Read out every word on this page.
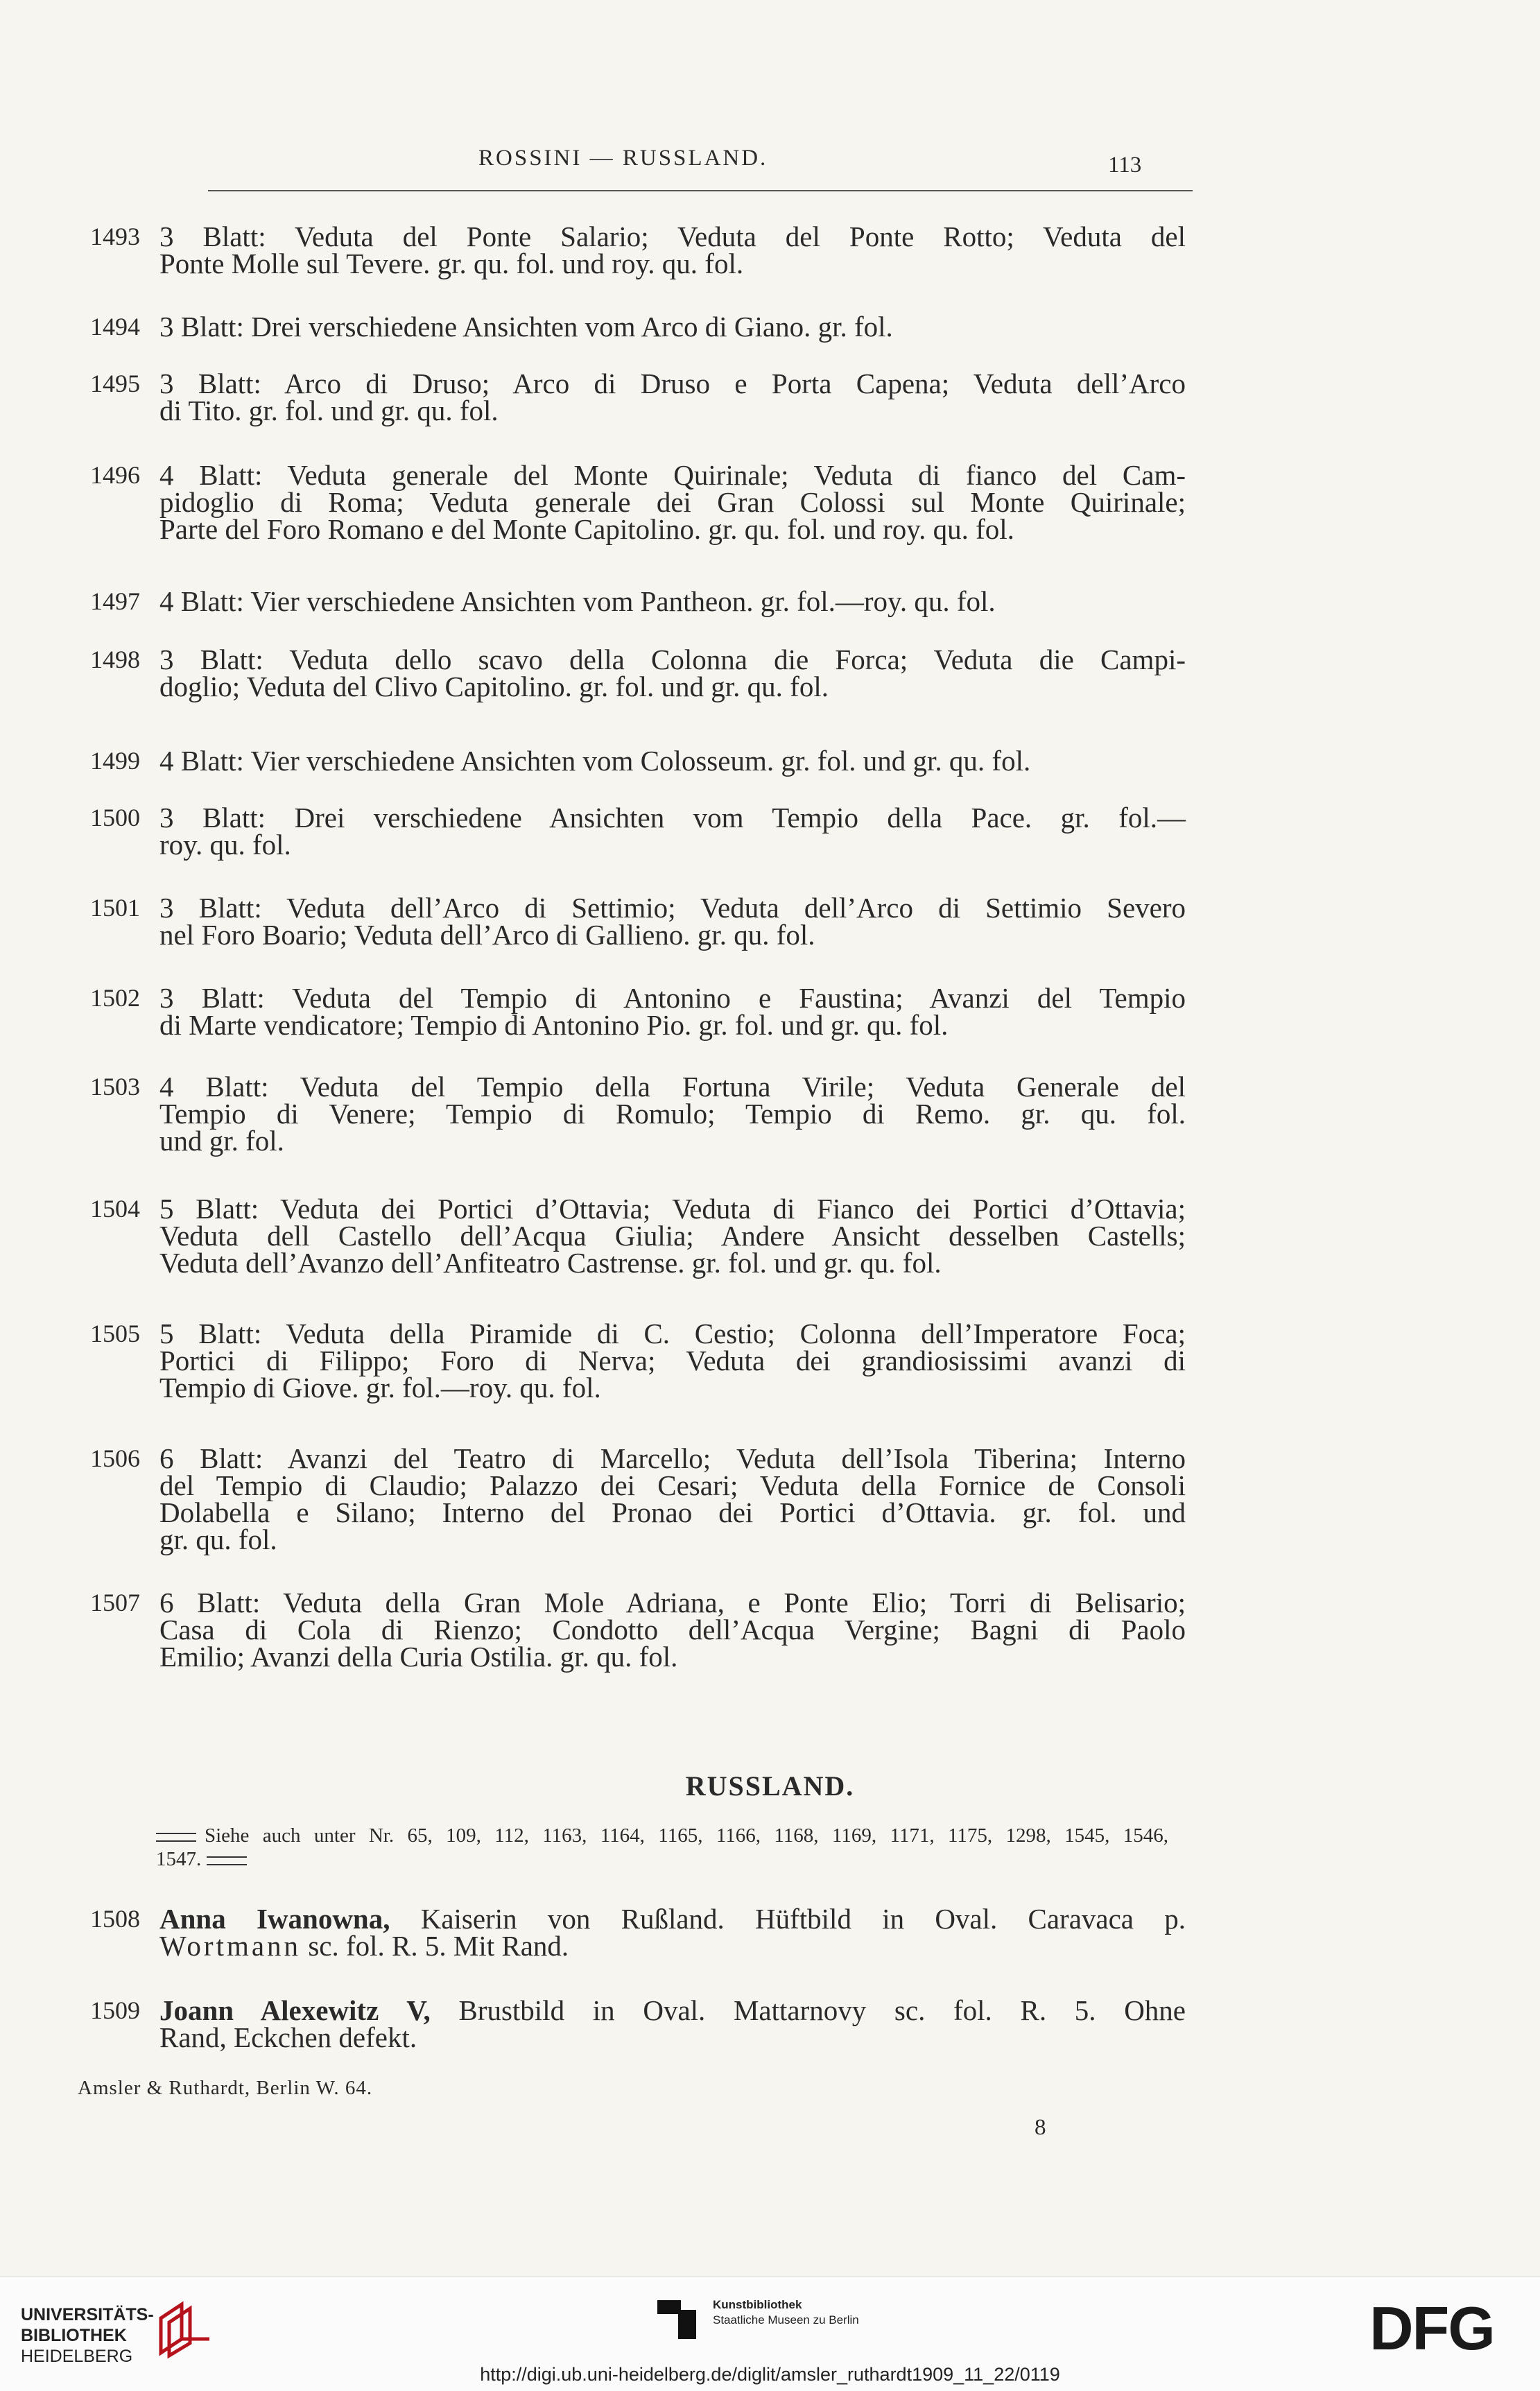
ROSSINI — RUSSLAND.	113
1493 3 Blatt: Veduta del Ponte Salario; Veduta del Ponte Rotto; Veduta del
Ponte Molle sul Tevere. gr. qu. fol. und roy. qu. fol.
1494 3 Blatt: Drei verschiedene Ansichten vom Arco di Giano. gr. fol.
1495 3 Blatt: Arco di Druso; Arco di Druso e Porta Capena; Veduta dell’Arco
di Tito. gr. fol. und gr. qu. fol.
1496 4 Blatt: Veduta generale del Monte Quirinale; Veduta di fianco del Cam-
pidoglio di Roma; Veduta generale dei Gran Colossi sul Monte Quirinale;
Parte del Foro Romano e del Monte Capitolino. gr. qu. fol. und roy. qu. fol.
1497 4 Blatt: Vier verschiedene Ansichten vom Pantheon. gr. fol.—roy. qu. fol.
1498 3 Blatt: Veduta dello scavo della Colonna die Forca; Veduta die Campi-
doglio; Veduta del Clivo Capitolino. gr. fol. und gr. qu. fol.
1499 4 Blatt: Vier verschiedene Ansichten vom Colosseum. gr. fol. und gr. qu. fol.
1500 3 Blatt: Drei verschiedene Ansichten vom Tempio della Pace. gr. fol.—
roy. qu. fol.
1501 3 Blatt: Veduta dell’Arco di Settimio; Veduta dell’Arco di Settimio Severo
nel Foro Boario; Veduta dell’Arco di Gallieno. gr. qu. fol.
1502 3 Blatt: Veduta del Tempio di Antonino e Faustina; Avanzi del Tempio
di Marte vendicatore; Tempio di Antonino Pio. gr. fol. und gr. qu. fol.
1503 4 Blatt: Veduta del Tempio della Fortuna Virile; Veduta Generale del
Tempio di Venere; Tempio di Romulo; Tempio di Remo. gr. qu. fol.
und gr. fol.
1504 5 Blatt: Veduta dei Portici d’Ottavia; Veduta di Fianco dei Portici d’Ottavia;
Veduta dell Castello dell’Acqua Giulia; Andere Ansicht desselben Castells;
Veduta dell’Avanzo dell’Anfiteatro Castrense. gr. fol. und gr. qu. fol.
1505 5 Blatt: Veduta della Piramide di C. Cestio; Colonna dell’Imperatore Foca;
Portici di Filippo; Foro di Nerva; Veduta dei grandiosissimi avanzi di
Tempio di Giove. gr. fol.—roy. qu. fol.
1506 6 Blatt: Avanzi del Teatro di Marcello; Veduta dell’Isola Tiberina; Interno
del Tempio di Claudio; Palazzo dei Cesari; Veduta della Fornice de Consoli
Dolabella e Silano; Interno del Pronao dei Portici d’Ottavia. gr. fol. und
gr. qu. fol.
1507 6 Blatt: Veduta della Gran Mole Adriana, e Ponte Elio; Torri di Belisario;
Casa di Cola di Rienzo; Condotto dell’Acqua Vergine; Bagni di Paolo
Emilio; Avanzi della Curia Ostilia. gr. qu. fol.
RUSSLAND.
Siehe auch unter Nr. 65, 109, 112, 1163, 1164, 1165, 1166, 1168, 1169, 1171, 1175, 1298, 1545, 1546,
1547.
1508 Anna Iwanowna, Kaiserin von Rußland. Hüftbild in Oval. Caravaca p.
Wortmann sc. fol. R. 5. Mit Rand.
1509 Joann Alexewitz V, Brustbild in Oval. Mattarnovy sc. fol. R. 5. Ohne
Rand, Eckchen defekt.
Amsler & Ruthardt, Berlin W. 64.
8
UNIVERSITÄTS-
BIBLIOTHEK
HEIDELBERG
Kunstbibliothek
Staatliche Museen zu Berlin	DFG
http://digi.ub.uni-heidelberg.de/diglit/amsler_ruthardt1909_11_22/0119
